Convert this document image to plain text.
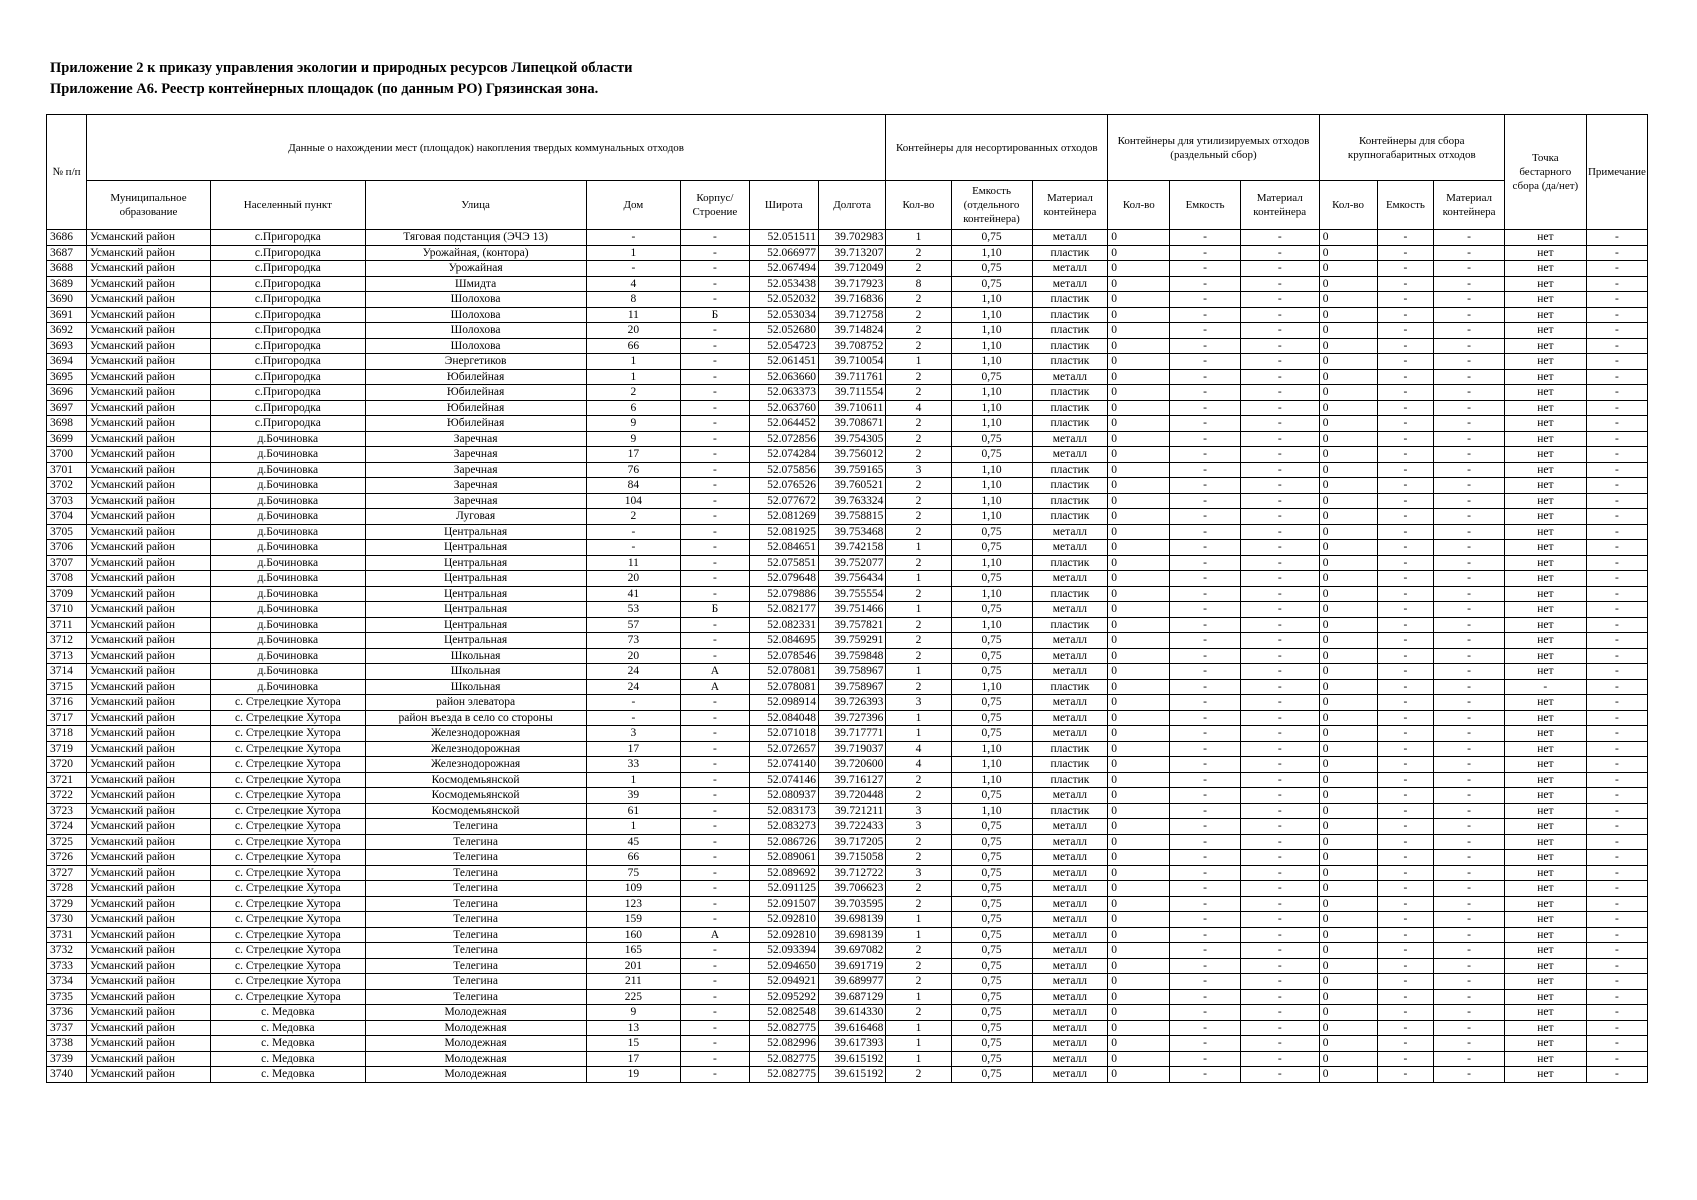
Приложение 2 к приказу управления экологии и природных ресурсов Липецкой области
Приложение А6. Реестр контейнерных площадок (по данным РО) Грязинская зона.
№ п/п	Данные о нахождении мест (площадок) накопления твердых коммунальных отходов							Контейнеры для несортированных отходов			Контейнеры для утилизируемых отходов (раздельный сбор)			Контейнеры для сбора крупногабаритных отходов			Точка бестарного сбора (да/нет)	Примечание
	Муниципальное образование	Населенный пункт	Улица	Дом	Корпус/ Строение	Широта	Долгота	Кол-во	Емкость (отдельного контейнера)	Материал контейнера	Кол-во	Емкость	Материал контейнера	Кол-во	Емкость	Материал контейнера		
3686	Усманский район	с.Пригородка	Тяговая подстанция (ЭЧЭ 13)	-	-	52.051511	39.702983	1	0,75	металл	0	-	-	0	-	-	нет	-
3687	Усманский район	с.Пригородка	Урожайная, (контора)	1	-	52.066977	39.713207	2	1,10	пластик	0	-	-	0	-	-	нет	-
3688	Усманский район	с.Пригородка	Урожайная	-	-	52.067494	39.712049	2	0,75	металл	0	-	-	0	-	-	нет	-
3689	Усманский район	с.Пригородка	Шмидта	4	-	52.053438	39.717923	8	0,75	металл	0	-	-	0	-	-	нет	-
3690	Усманский район	с.Пригородка	Шолохова	8	-	52.052032	39.716836	2	1,10	пластик	0	-	-	0	-	-	нет	-
3691	Усманский район	с.Пригородка	Шолохова	11	Б	52.053034	39.712758	2	1,10	пластик	0	-	-	0	-	-	нет	-
3692	Усманский район	с.Пригородка	Шолохова	20	-	52.052680	39.714824	2	1,10	пластик	0	-	-	0	-	-	нет	-
3693	Усманский район	с.Пригородка	Шолохова	66	-	52.054723	39.708752	2	1,10	пластик	0	-	-	0	-	-	нет	-
3694	Усманский район	с.Пригородка	Энергетиков	1	-	52.061451	39.710054	1	1,10	пластик	0	-	-	0	-	-	нет	-
3695	Усманский район	с.Пригородка	Юбилейная	1	-	52.063660	39.711761	2	0,75	металл	0	-	-	0	-	-	нет	-
3696	Усманский район	с.Пригородка	Юбилейная	2	-	52.063373	39.711554	2	1,10	пластик	0	-	-	0	-	-	нет	-
3697	Усманский район	с.Пригородка	Юбилейная	6	-	52.063760	39.710611	4	1,10	пластик	0	-	-	0	-	-	нет	-
3698	Усманский район	с.Пригородка	Юбилейная	9	-	52.064452	39.708671	2	1,10	пластик	0	-	-	0	-	-	нет	-
3699	Усманский район	д.Бочиновка	Заречная	9	-	52.072856	39.754305	2	0,75	металл	0	-	-	0	-	-	нет	-
3700	Усманский район	д.Бочиновка	Заречная	17	-	52.074284	39.756012	2	0,75	металл	0	-	-	0	-	-	нет	-
3701	Усманский район	д.Бочиновка	Заречная	76	-	52.075856	39.759165	3	1,10	пластик	0	-	-	0	-	-	нет	-
3702	Усманский район	д.Бочиновка	Заречная	84	-	52.076526	39.760521	2	1,10	пластик	0	-	-	0	-	-	нет	-
3703	Усманский район	д.Бочиновка	Заречная	104	-	52.077672	39.763324	2	1,10	пластик	0	-	-	0	-	-	нет	-
3704	Усманский район	д.Бочиновка	Луговая	2	-	52.081269	39.758815	2	1,10	пластик	0	-	-	0	-	-	нет	-
3705	Усманский район	д.Бочиновка	Центральная	-	-	52.081925	39.753468	2	0,75	металл	0	-	-	0	-	-	нет	-
3706	Усманский район	д.Бочиновка	Центральная	-	-	52.084651	39.742158	1	0,75	металл	0	-	-	0	-	-	нет	-
3707	Усманский район	д.Бочиновка	Центральная	11	-	52.075851	39.752077	2	1,10	пластик	0	-	-	0	-	-	нет	-
3708	Усманский район	д.Бочиновка	Центральная	20	-	52.079648	39.756434	1	0,75	металл	0	-	-	0	-	-	нет	-
3709	Усманский район	д.Бочиновка	Центральная	41	-	52.079886	39.755554	2	1,10	пластик	0	-	-	0	-	-	нет	-
3710	Усманский район	д.Бочиновка	Центральная	53	Б	52.082177	39.751466	1	0,75	металл	0	-	-	0	-	-	нет	-
3711	Усманский район	д.Бочиновка	Центральная	57	-	52.082331	39.757821	2	1,10	пластик	0	-	-	0	-	-	нет	-
3712	Усманский район	д.Бочиновка	Центральная	73	-	52.084695	39.759291	2	0,75	металл	0	-	-	0	-	-	нет	-
3713	Усманский район	д.Бочиновка	Школьная	20	-	52.078546	39.759848	2	0,75	металл	0	-	-	0	-	-	нет	-
3714	Усманский район	д.Бочиновка	Школьная	24	А	52.078081	39.758967	1	0,75	металл	0	-	-	0	-	-	нет	-
3715	Усманский район	д.Бочиновка	Школьная	24	А	52.078081	39.758967	2	1,10	пластик	0	-	-	0	-	-	-	-
3716	Усманский район	с. Стрелецкие Хутора	район элеватора	-	-	52.098914	39.726393	3	0,75	металл	0	-	-	0	-	-	нет	-
3717	Усманский район	с. Стрелецкие Хутора	район въезда в село со стороны	-	-	52.084048	39.727396	1	0,75	металл	0	-	-	0	-	-	нет	-
3718	Усманский район	с. Стрелецкие Хутора	Железнодорожная	3	-	52.071018	39.717771	1	0,75	металл	0	-	-	0	-	-	нет	-
3719	Усманский район	с. Стрелецкие Хутора	Железнодорожная	17	-	52.072657	39.719037	4	1,10	пластик	0	-	-	0	-	-	нет	-
3720	Усманский район	с. Стрелецкие Хутора	Железнодорожная	33	-	52.074140	39.720600	4	1,10	пластик	0	-	-	0	-	-	нет	-
3721	Усманский район	с. Стрелецкие Хутора	Космодемьянской	1	-	52.074146	39.716127	2	1,10	пластик	0	-	-	0	-	-	нет	-
3722	Усманский район	с. Стрелецкие Хутора	Космодемьянской	39	-	52.080937	39.720448	2	0,75	металл	0	-	-	0	-	-	нет	-
3723	Усманский район	с. Стрелецкие Хутора	Космодемьянской	61	-	52.083173	39.721211	3	1,10	пластик	0	-	-	0	-	-	нет	-
3724	Усманский район	с. Стрелецкие Хутора	Телегина	1	-	52.083273	39.722433	3	0,75	металл	0	-	-	0	-	-	нет	-
3725	Усманский район	с. Стрелецкие Хутора	Телегина	45	-	52.086726	39.717205	2	0,75	металл	0	-	-	0	-	-	нет	-
3726	Усманский район	с. Стрелецкие Хутора	Телегина	66	-	52.089061	39.715058	2	0,75	металл	0	-	-	0	-	-	нет	-
3727	Усманский район	с. Стрелецкие Хутора	Телегина	75	-	52.089692	39.712722	3	0,75	металл	0	-	-	0	-	-	нет	-
3728	Усманский район	с. Стрелецкие Хутора	Телегина	109	-	52.091125	39.706623	2	0,75	металл	0	-	-	0	-	-	нет	-
3729	Усманский район	с. Стрелецкие Хутора	Телегина	123	-	52.091507	39.703595	2	0,75	металл	0	-	-	0	-	-	нет	-
3730	Усманский район	с. Стрелецкие Хутора	Телегина	159	-	52.092810	39.698139	1	0,75	металл	0	-	-	0	-	-	нет	-
3731	Усманский район	с. Стрелецкие Хутора	Телегина	160	А	52.092810	39.698139	1	0,75	металл	0	-	-	0	-	-	нет	-
3732	Усманский район	с. Стрелецкие Хутора	Телегина	165	-	52.093394	39.697082	2	0,75	металл	0	-	-	0	-	-	нет	-
3733	Усманский район	с. Стрелецкие Хутора	Телегина	201	-	52.094650	39.691719	2	0,75	металл	0	-	-	0	-	-	нет	-
3734	Усманский район	с. Стрелецкие Хутора	Телегина	211	-	52.094921	39.689977	2	0,75	металл	0	-	-	0	-	-	нет	-
3735	Усманский район	с. Стрелецкие Хутора	Телегина	225	-	52.095292	39.687129	1	0,75	металл	0	-	-	0	-	-	нет	-
3736	Усманский район	с. Медовка	Молодежная	9	-	52.082548	39.614330	2	0,75	металл	0	-	-	0	-	-	нет	-
3737	Усманский район	с. Медовка	Молодежная	13	-	52.082775	39.616468	1	0,75	металл	0	-	-	0	-	-	нет	-
3738	Усманский район	с. Медовка	Молодежная	15	-	52.082996	39.617393	1	0,75	металл	0	-	-	0	-	-	нет	-
3739	Усманский район	с. Медовка	Молодежная	17	-	52.082775	39.615192	1	0,75	металл	0	-	-	0	-	-	нет	-
3740	Усманский район	с. Медовка	Молодежная	19	-	52.082775	39.615192	2	0,75	металл	0	-	-	0	-	-	нет	-
